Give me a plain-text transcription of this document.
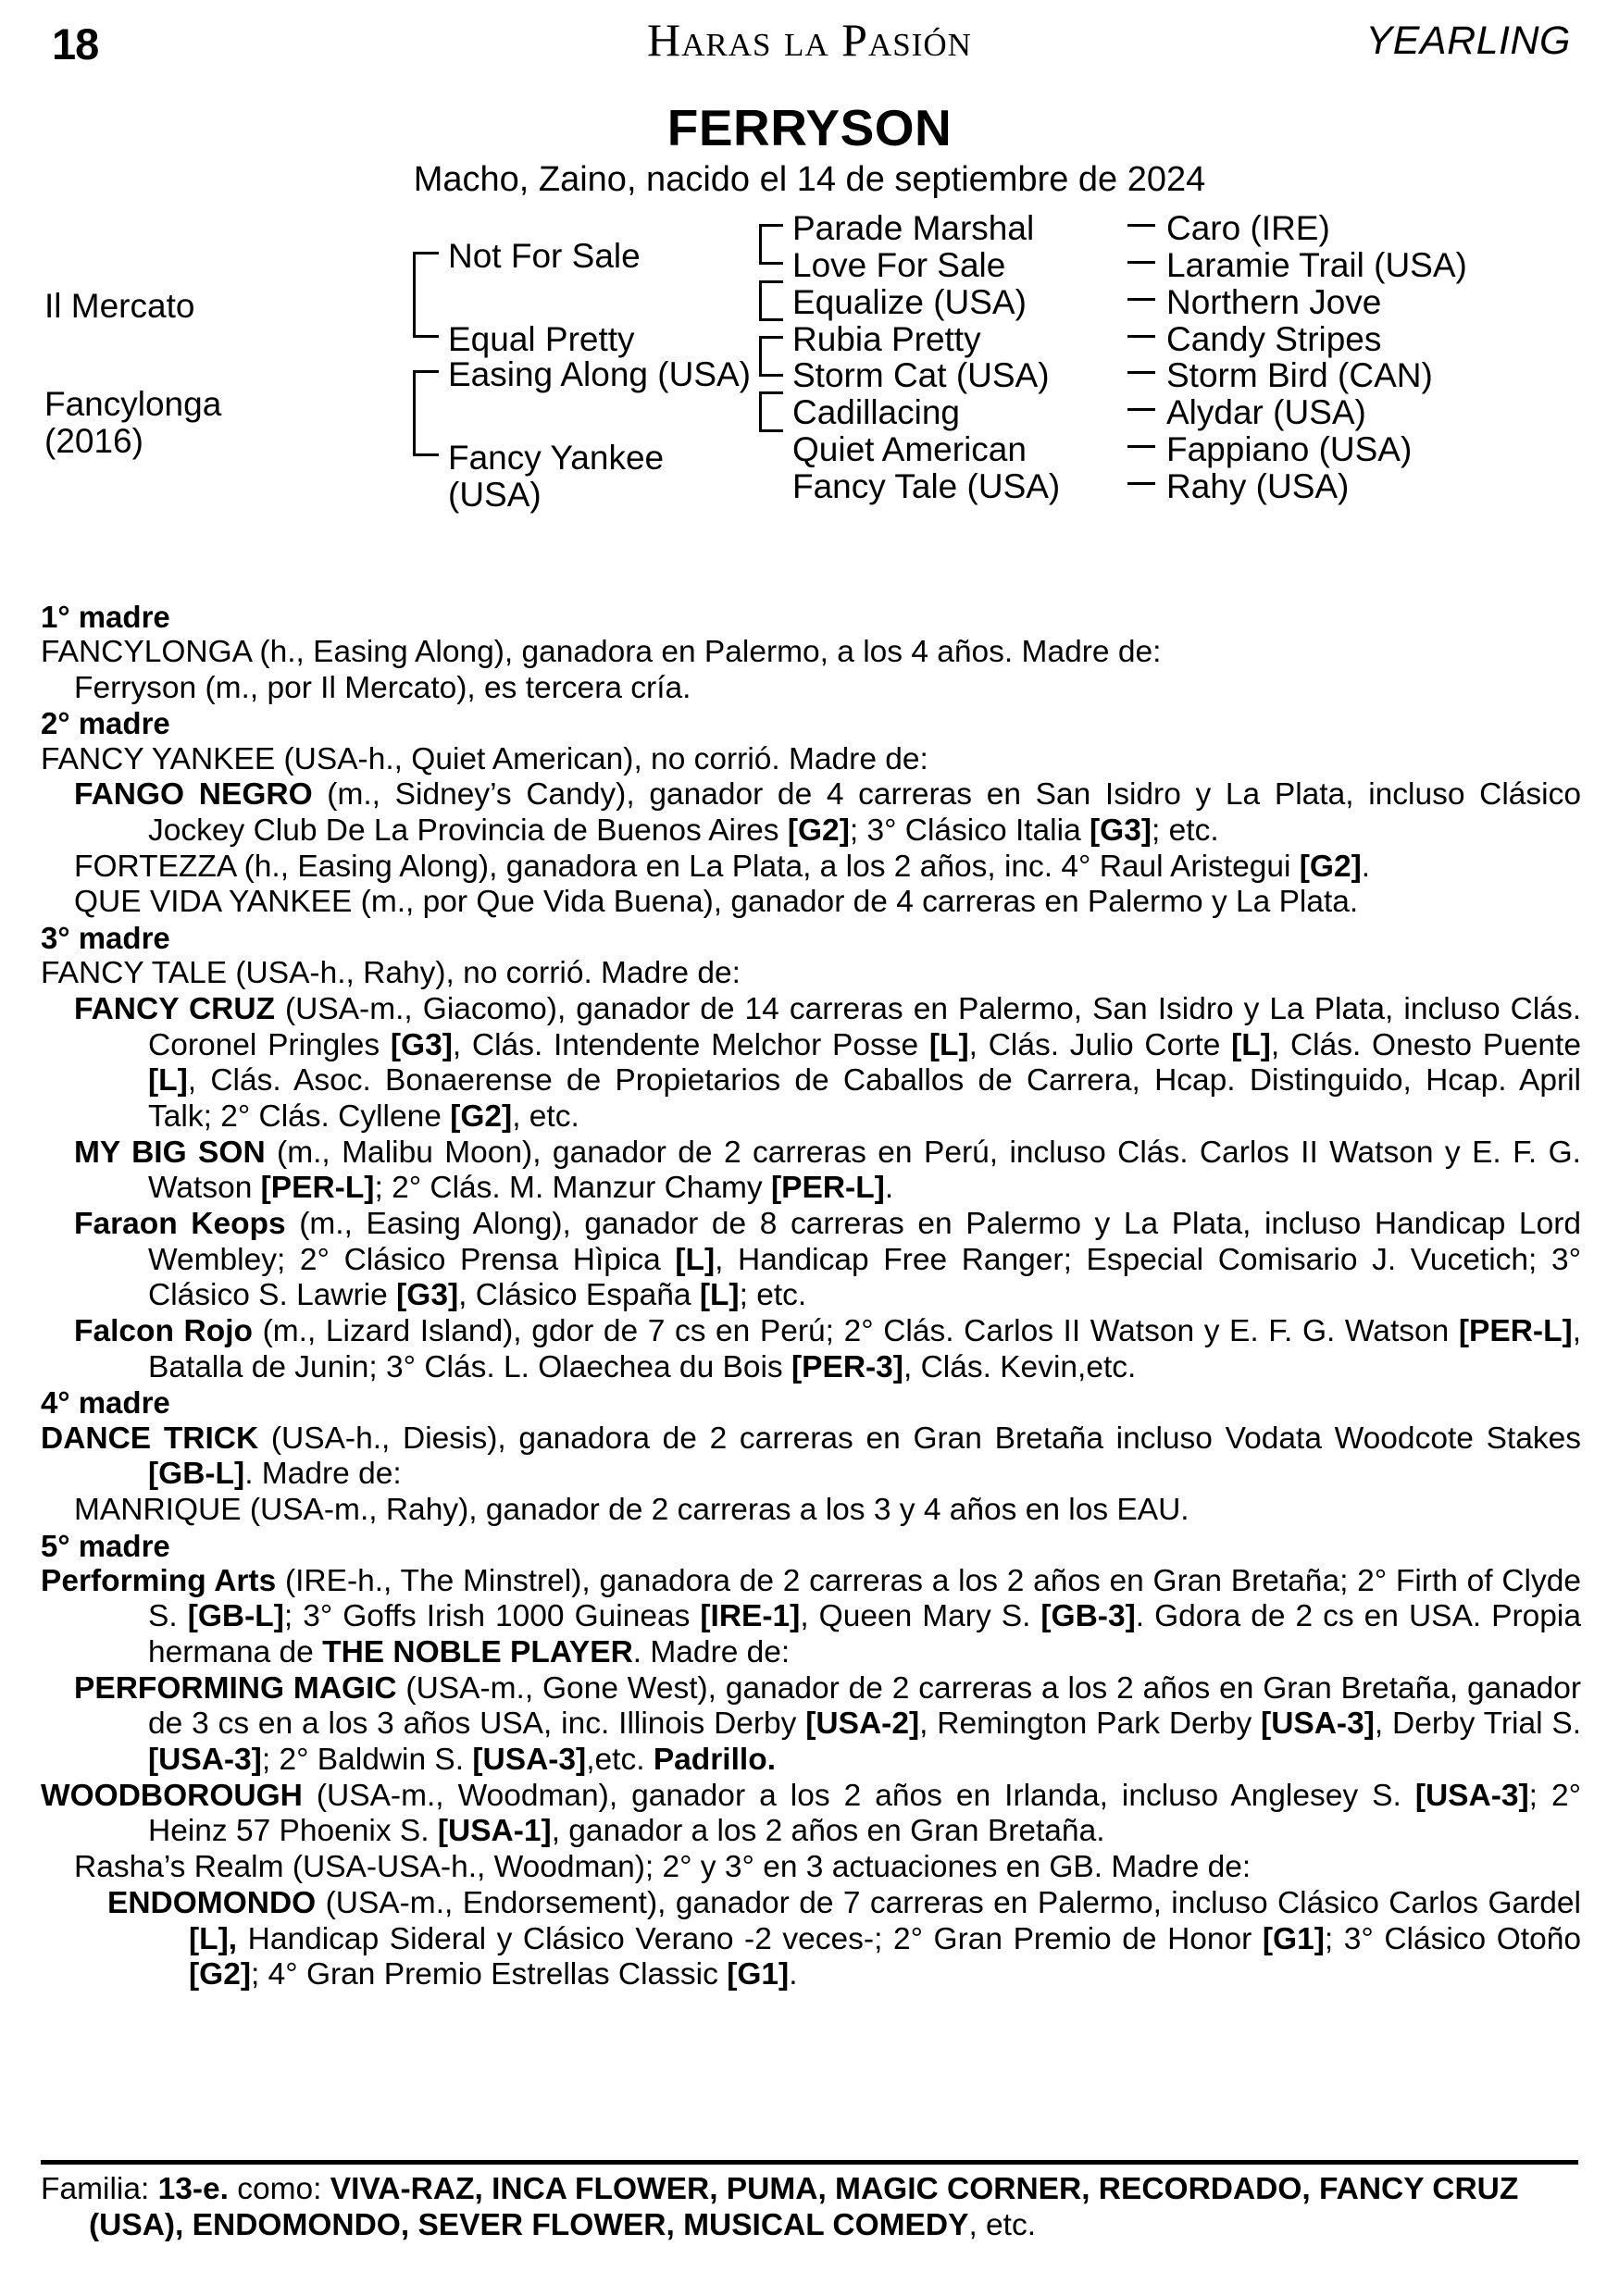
18	Haras la Pasión	YEARLING
FERRYSON
Macho, Zaino, nacido el 14 de septiembre de 2024
Il Mercato
Fancylonga
(2016)
Not For Sale
Equal Pretty
Easing Along (USA)
Fancy Yankee
(USA)
Parade Marshal
Love For Sale
Equalize (USA)
Rubia Pretty
Storm Cat (USA)
Cadillacing
Quiet American
Fancy Tale (USA)
Caro (IRE)
Laramie Trail (USA)
Northern Jove
Candy Stripes
Storm Bird (CAN)
Alydar (USA)
Fappiano (USA)
Rahy (USA)
1° madre
FANCYLONGA (h., Easing Along), ganadora en Palermo, a los 4 años. Madre de:
Ferryson (m., por Il Mercato), es tercera cría.
2° madre
FANCY YANKEE (USA-h., Quiet American), no corrió. Madre de:
FANGO NEGRO (m., Sidney’s Candy), ganador de 4 carreras en San Isidro y La Plata, incluso Clásico Jockey Club De La Provincia de Buenos Aires [G2]; 3° Clásico Italia [G3]; etc.
FORTEZZA (h., Easing Along), ganadora en La Plata, a los 2 años, inc. 4° Raul Aristegui [G2].
QUE VIDA YANKEE (m., por Que Vida Buena), ganador de 4 carreras en Palermo y La Plata.
3° madre
FANCY TALE (USA-h., Rahy), no corrió. Madre de:
FANCY CRUZ (USA-m., Giacomo), ganador de 14 carreras en Palermo, San Isidro y La Plata, incluso Clás. Coronel Pringles [G3], Clás. Intendente Melchor Posse [L], Clás. Julio Corte [L], Clás. Onesto Puente [L], Clás. Asoc. Bonaerense de Propietarios de Caballos de Carrera, Hcap. Distinguido, Hcap. April Talk; 2° Clás. Cyllene [G2], etc.
MY BIG SON (m., Malibu Moon), ganador de 2 carreras en Perú, incluso Clás. Carlos II Watson y E. F. G. Watson [PER-L]; 2° Clás. M. Manzur Chamy [PER-L].
Faraon Keops (m., Easing Along), ganador de 8 carreras en Palermo y La Plata, incluso Handicap Lord Wembley; 2° Clásico Prensa Hìpica [L], Handicap Free Ranger; Especial Comisario J. Vucetich; 3° Clásico S. Lawrie [G3], Clásico España [L]; etc.
Falcon Rojo (m., Lizard Island), gdor de 7 cs en Perú; 2° Clás. Carlos II Watson y E. F. G. Watson [PER-L], Batalla de Junin; 3° Clás. L. Olaechea du Bois [PER-3], Clás. Kevin,etc.
4° madre
DANCE TRICK (USA-h., Diesis), ganadora de 2 carreras en Gran Bretaña incluso Vodata Woodcote Stakes [GB-L]. Madre de:
MANRIQUE (USA-m., Rahy), ganador de 2 carreras a los 3 y 4 años en los EAU.
5° madre
Performing Arts (IRE-h., The Minstrel), ganadora de 2 carreras a los 2 años en Gran Bretaña; 2° Firth of Clyde S. [GB-L]; 3° Goffs Irish 1000 Guineas [IRE-1], Queen Mary S. [GB-3]. Gdora de 2 cs en USA. Propia hermana de THE NOBLE PLAYER. Madre de:
PERFORMING MAGIC (USA-m., Gone West), ganador de 2 carreras a los 2 años en Gran Bretaña, ganador de 3 cs en a los 3 años USA, inc. Illinois Derby [USA-2], Remington Park Derby [USA-3], Derby Trial S. [USA-3]; 2° Baldwin S. [USA-3],etc. Padrillo.
WOODBOROUGH (USA-m., Woodman), ganador a los 2 años en Irlanda, incluso Anglesey S. [USA-3]; 2° Heinz 57 Phoenix S. [USA-1], ganador a los 2 años en Gran Bretaña.
Rasha’s Realm (USA-USA-h., Woodman); 2° y 3° en 3 actuaciones en GB. Madre de:
ENDOMONDO (USA-m., Endorsement), ganador de 7 carreras en Palermo, incluso Clásico Carlos Gardel [L], Handicap Sideral y Clásico Verano -2 veces-; 2° Gran Premio de Honor [G1]; 3° Clásico Otoño [G2]; 4° Gran Premio Estrellas Classic [G1].
Familia: 13-e. como: VIVA-RAZ, INCA FLOWER, PUMA, MAGIC CORNER, RECORDADO, FANCY CRUZ (USA), ENDOMONDO, SEVER FLOWER, MUSICAL COMEDY, etc.
